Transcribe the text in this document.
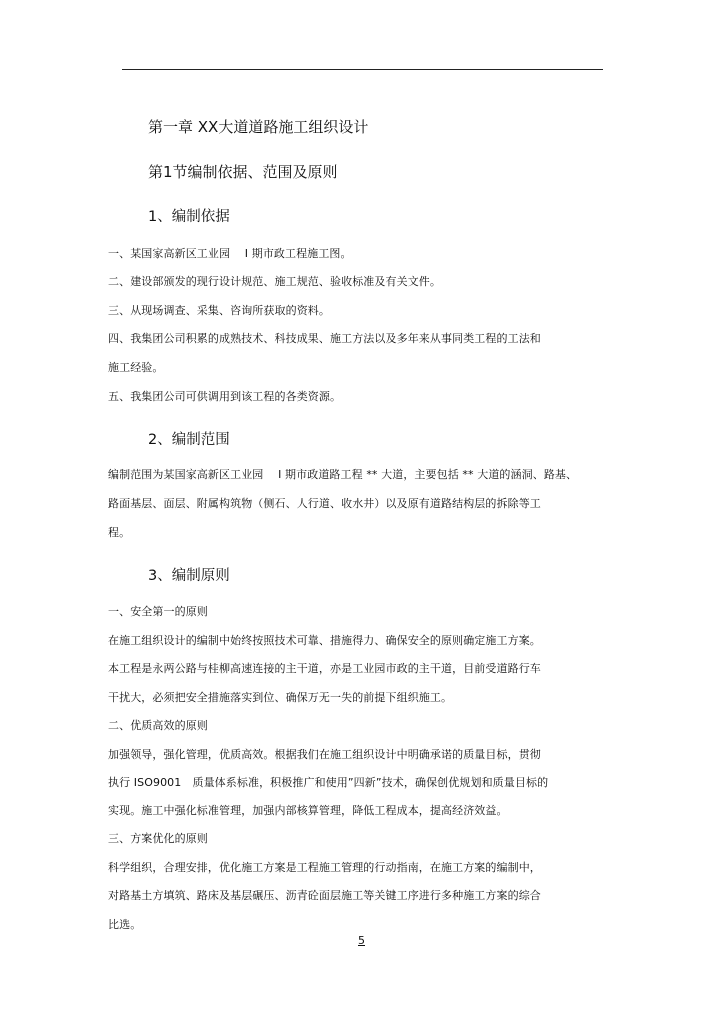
第一章 XX大道道路施工组织设计
第1节编制依据、范围及原则
1、编制依据
一、某国家高新区工业园　 I 期市政工程施工图。
二、建设部颁发的现行设计规范、施工规范、验收标准及有关文件。
三、从现场调查、采集、咨询所获取的资料。
四、我集团公司积累的成熟技术、科技成果、施工方法以及多年来从事同类工程的工法和
施工经验。
五、我集团公司可供调用到该工程的各类资源。
2、编制范围
编制范围为某国家高新区工业园　 I 期市政道路工程 ** 大道，主要包括 ** 大道的涵洞、路基、
路面基层、面层、附属构筑物（侧石、人行道、收水井）以及原有道路结构层的拆除等工
程。
3、编制原则
一、安全第一的原则
在施工组织设计的编制中始终按照技术可靠、措施得力、确保安全的原则确定施工方案。
本工程是永两公路与桂柳高速连接的主干道，亦是工业园市政的主干道，目前受道路行车
干扰大，必须把安全措施落实到位、确保万无一失的前提下组织施工。
二、优质高效的原则
加强领导，强化管理，优质高效。根据我们在施工组织设计中明确承诺的质量目标，贯彻
执行 ISO9001　质量体系标准，积极推广和使用”四新”技术，确保创优规划和质量目标的
实现。施工中强化标准管理，加强内部核算管理，降低工程成本，提高经济效益。
三、方案优化的原则
科学组织，合理安排，优化施工方案是工程施工管理的行动指南，在施工方案的编制中，
对路基土方填筑、路床及基层碾压、沥青砼面层施工等关键工序进行多种施工方案的综合
比选。
5
